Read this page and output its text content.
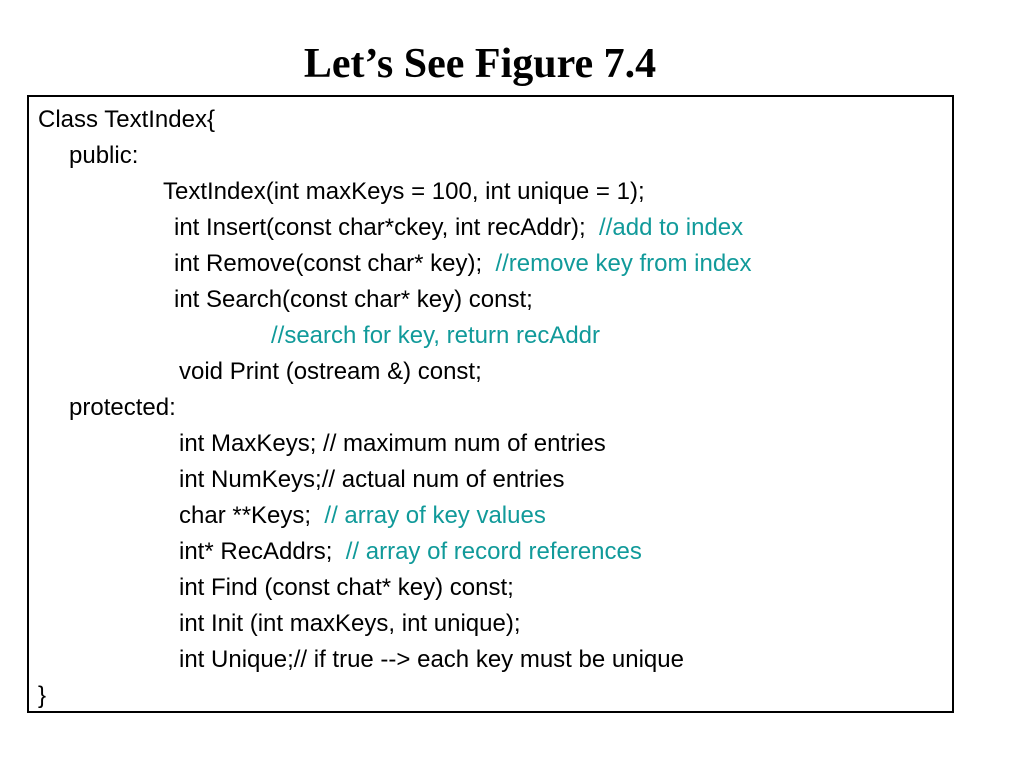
Let’s See Figure 7.4
Class TextIndex{
public:
TextIndex(int maxKeys = 100, int unique = 1);
int Insert(const char*ckey, int recAddr); //add to index
int Remove(const char* key); //remove key from index
int Search(const char* key) const;
//search for key, return recAddr
void Print (ostream &) const;
protected:
int MaxKeys; // maximum num of entries
int NumKeys;// actual num of entries
char **Keys; // array of key values
int* RecAddrs; // array of record references
int Find (const chat* key) const;
int Init (int maxKeys, int unique);
int Unique;// if true --> each key must be unique
}
